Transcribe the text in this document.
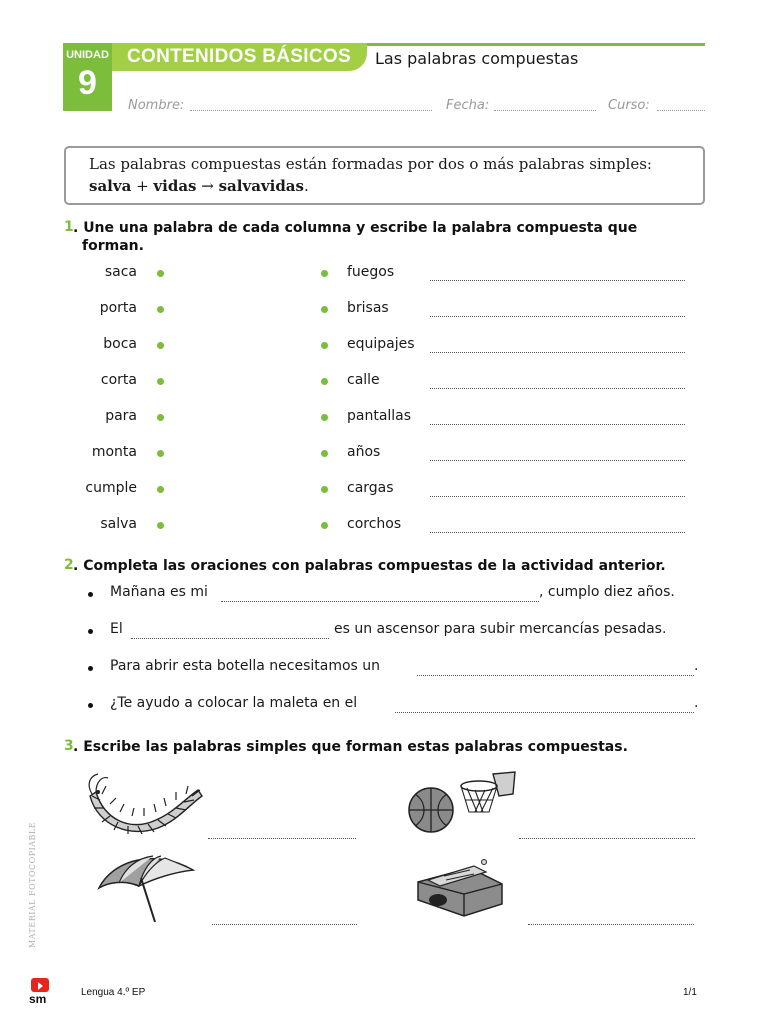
UNIDAD
9
CONTENIDOS BÁSICOS Las palabras compuestas
Nombre:	Fecha:	Curso:
Las palabras compuestas están formadas por dos o más palabras simples:
salva + vidas → salvavidas.
1 . Une una palabra de cada columna y escribe la palabra compuesta que
forman.
saca	fuegos
porta	brisas
boca	equipajes
corta	calle
para	pantallas
monta	años
cumple	cargas
salva	corchos
2 . Completa las oraciones con palabras compuestas de la actividad anterior.
Mañana es mi	, cumplo diez años.
El	es un ascensor para subir mercancías pesadas.
Para abrir esta botella necesitamos un	.
¿Te ayudo a colocar la maleta en el	.
3 . Escribe las palabras simples que forman estas palabras compuestas.
MATERIAL FOTOCOPIABLE
sm	Lengua 4.º EP	1/1
